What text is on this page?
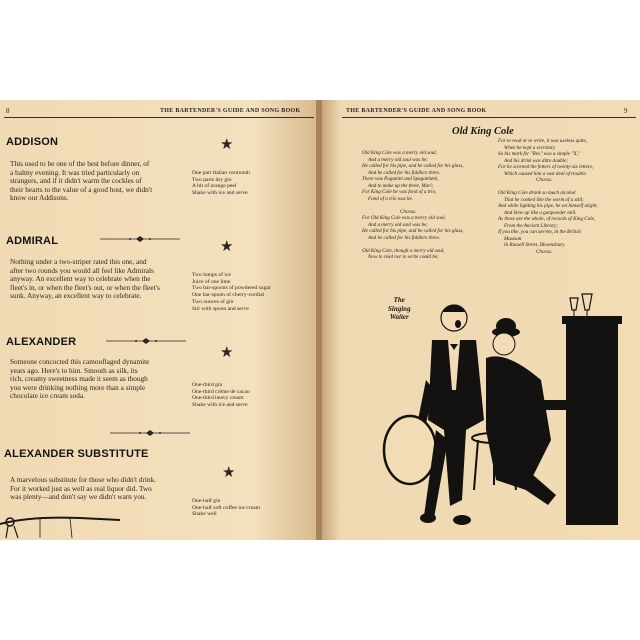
8	THE BARTENDER'S GUIDE AND SONG BOOK
ADDISON
This used to be one of the best before dinner, of
a balmy evening. It was tried particularly on
strangers, and if it didn't warm the cockles of
their hearts to the value of a good host, we didn't
know our Addisons.
★
One part Italian vermouth
Two parts dry gin
A bit of orange peel
Shake with ice and serve
ADMIRAL
Nothing under a two-striper rated this one, and
after two rounds you would all feel like Admirals
anyway. An excellent way to celebrate when the
fleet's in, or when the fleet's out, or when the fleet's
sunk. Anyway, an excellent way to celebrate.
★
Two lumps of ice
Juice of one lime
Two bar-spoons of powdered sugar
One bar-spoon of cherry-cordial
Two ounces of gin
Stir with spoon and serve
ALEXANDER
Someone concocted this camouflaged dynamite
years ago. Here's to him. Smooth as silk, its
rich, creamy sweetness made it seem as though
you were drinking nothing more than a simple
chocolate ice cream soda.
★
One-third gin
One-third crème de cacao
One-third heavy cream
Shake with ice and serve
ALEXANDER SUBSTITUTE
A marvelous substitute for those who didn't drink.
For it worked just as well as real liquor did. Two
was plenty—and don't say we didn't warn you.
★
One-half gin
One-half soft coffee ice cream
Shake well
THE BARTENDER'S GUIDE AND SONG BOOK	9
Old King Cole
Old King Cole was a merry old soul,
And a merry old soul was he;
He called for his pipe, and he called for his glass,
And he called for his fiddlers three.
There was Paganini and Spaganhetti,
And to make up the three, Mari;
For King Cole he was fond of a trio,
Fond of a trio was he.

Chorus.
For Old King Cole was a merry old soul,
And a merry old soul was he;
He called for his pipe, and he called for his glass,
And he called for his fiddlers three.

Old King Cole, though a merry old soul,
Now to read nor to write could he;
For to read or to write, it was useless quite,
When he kept a secretary.
So his mark for "Rex" was a simple "X,"
And his drink was ditto double;
For he scorned the fetters of twenty-six letters,
Which caused him a vast deal of trouble.
Chorus.

Old King Cole drank so much alcohol
That he cooked like the worm of a still;
And while lighting his pipe, he set himself alight,
And blew up like a gunpowder mill.
As these are the whole, of records of King Cole,
From the Ancient Library;
If you like, you can see'em, in the British
Museum
In Russell Street, Bloomsbury.
Chorus.
The
Singing
Waiter
